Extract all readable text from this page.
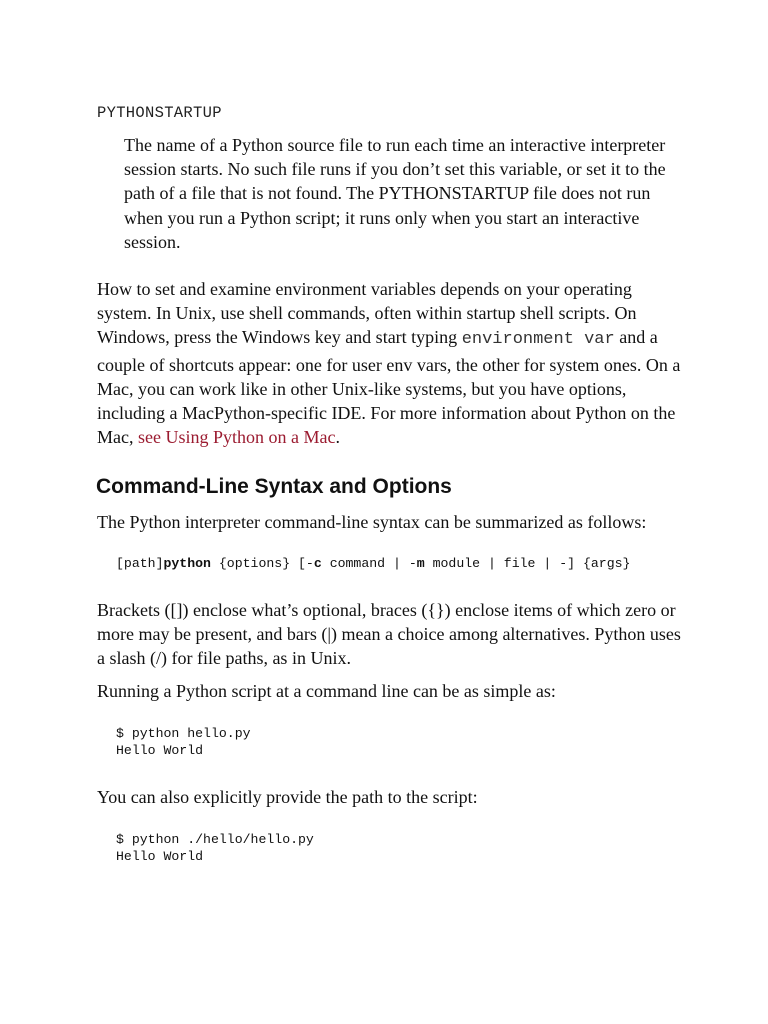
PYTHONSTARTUP
The name of a Python source file to run each time an interactive interpreter session starts. No such file runs if you don’t set this variable, or set it to the path of a file that is not found. The PYTHONSTARTUP file does not run when you run a Python script; it runs only when you start an interactive session.
How to set and examine environment variables depends on your operating system. In Unix, use shell commands, often within startup shell scripts. On Windows, press the Windows key and start typing environment var and a couple of shortcuts appear: one for user env vars, the other for system ones. On a Mac, you can work like in other Unix-like systems, but you have options, including a MacPython-specific IDE. For more information about Python on the Mac, see Using Python on a Mac.
Command-Line Syntax and Options
The Python interpreter command-line syntax can be summarized as follows:
[path]python {options} [-c command | -m module | file | -] {args}
Brackets ([]) enclose what’s optional, braces ({}) enclose items of which zero or more may be present, and bars (|) mean a choice among alternatives. Python uses a slash (/) for file paths, as in Unix.
Running a Python script at a command line can be as simple as:
$ python hello.py
Hello World
You can also explicitly provide the path to the script:
$ python ./hello/hello.py
Hello World
